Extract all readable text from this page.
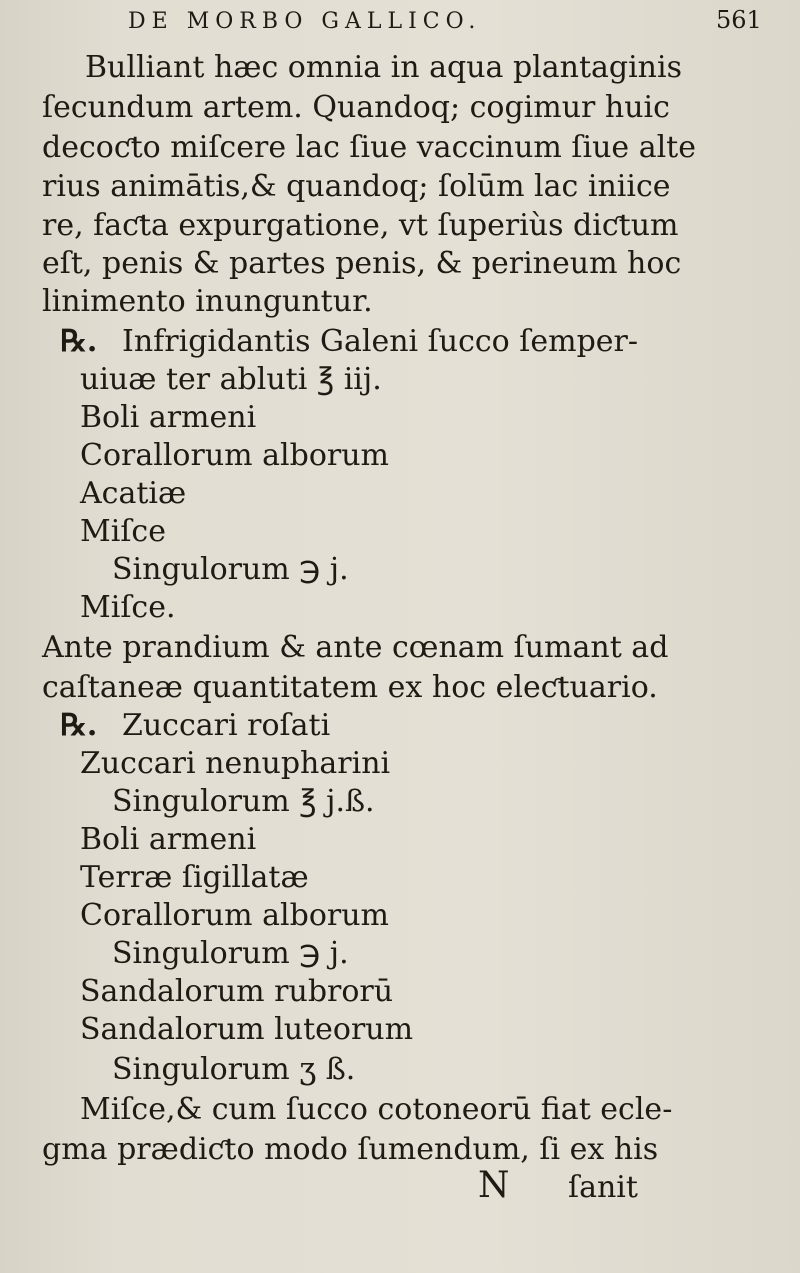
DE MORBO GALLICO.	561
Bulliant hæc omnia in aqua plantaginis
ſecundum artem. Quandoq; cogimur huic
decoƈto miſcere lac ſiue vaccinum ſiue alte
rius animātis,& quandoq; ſolūm lac iniice
re, faƈta expurgatione, vt ſuperiùs diƈtum
eſt, penis & partes penis, & perineum hoc
linimento inunguntur.
℞. Infrigidantis Galeni ſucco ſemper-
uiuæ ter abluti ℥ iij.
Boli armeni
Corallorum alborum
Acatiæ
Miſce
Singulorum ℈ j.
Miſce.
Ante prandium & ante cœnam ſumant ad
caſtaneæ quantitatem ex hoc eleƈtuario.
℞. Zuccari roſati
Zuccari nenupharini
Singulorum ℥ j.ß.
Boli armeni
Terræ ſigillatæ
Corallorum alborum
Singulorum ℈ j.
Sandalorum rubrorū
Sandalorum luteorum
Singulorum ʒ ß.
Miſce,& cum ſucco cotoneorū fiat ecle-
gma prædiƈto modo ſumendum, ſi ex his
N ſanit
